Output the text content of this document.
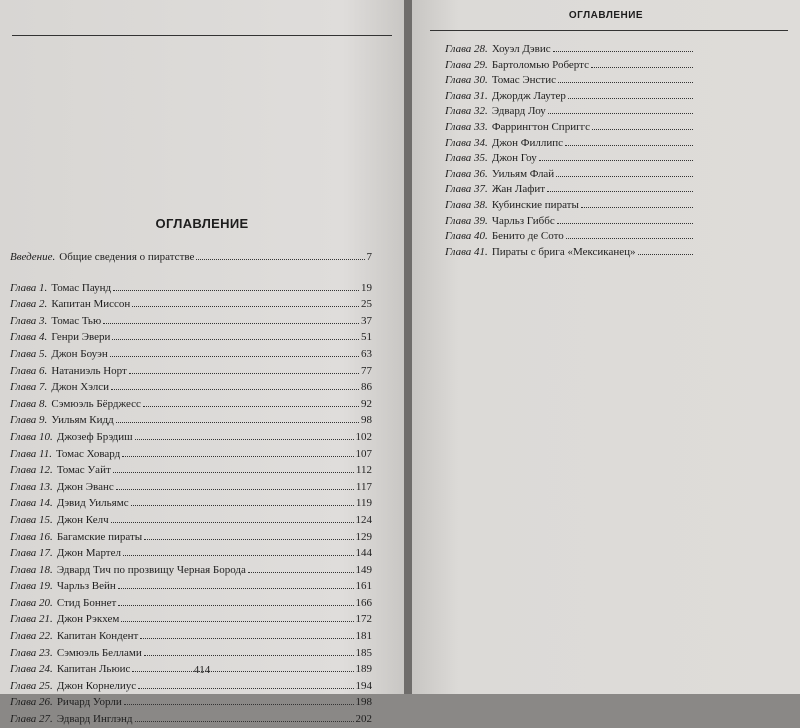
ОГЛАВЛЕНИЕ
414
ОГЛАВЛЕНИЕ
Введение. Общие сведения о пиратстве	7
Глава 1. Томас Паунд	19
Глава 2. Капитан Миссон	25
Глава 3. Томас Тью	37
Глава 4. Генри Эвери	51
Глава 5. Джон Боуэн	63
Глава 6. Натаниэль Норт	77
Глава 7. Джон Хэлси	86
Глава 8. Сэмюэль Бёрджесс	92
Глава 9. Уильям Кидд	98
Глава 10. Джозеф Брэдиш	102
Глава 11. Томас Ховард	107
Глава 12. Томас Уайт	112
Глава 13. Джон Эванс	117
Глава 14. Дэвид Уильямс	119
Глава 15. Джон Келч	124
Глава 16. Багамские пираты	129
Глава 17. Джон Мартел	144
Глава 18. Эдвард Тич по прозвищу Черная Борода	149
Глава 19. Чарльз Вейн	161
Глава 20. Стид Боннет	166
Глава 21. Джон Рэкхем	172
Глава 22. Капитан Кондент	181
Глава 23. Сэмюэль Беллами	185
Глава 24. Капитан Льюис	189
Глава 25. Джон Корнелиус	194
Глава 26. Ричард Уорли	198
Глава 27. Эдвард Инглэнд	202
Глава 28. Хоуэл Дэвис
Глава 29. Бартоломью Робертс
Глава 30. Томас Энстис
Глава 31. Джордж Лаутер
Глава 32. Эдвард Лоу
Глава 33. Фаррингтон Сприггс
Глава 34. Джон Филлипс
Глава 35. Джон Гоу
Глава 36. Уильям Флай
Глава 37. Жан Лафит
Глава 38. Кубинские пираты
Глава 39. Чарльз Гиббс
Глава 40. Бенито де Сото
Глава 41. Пираты с брига «Мексиканец»
